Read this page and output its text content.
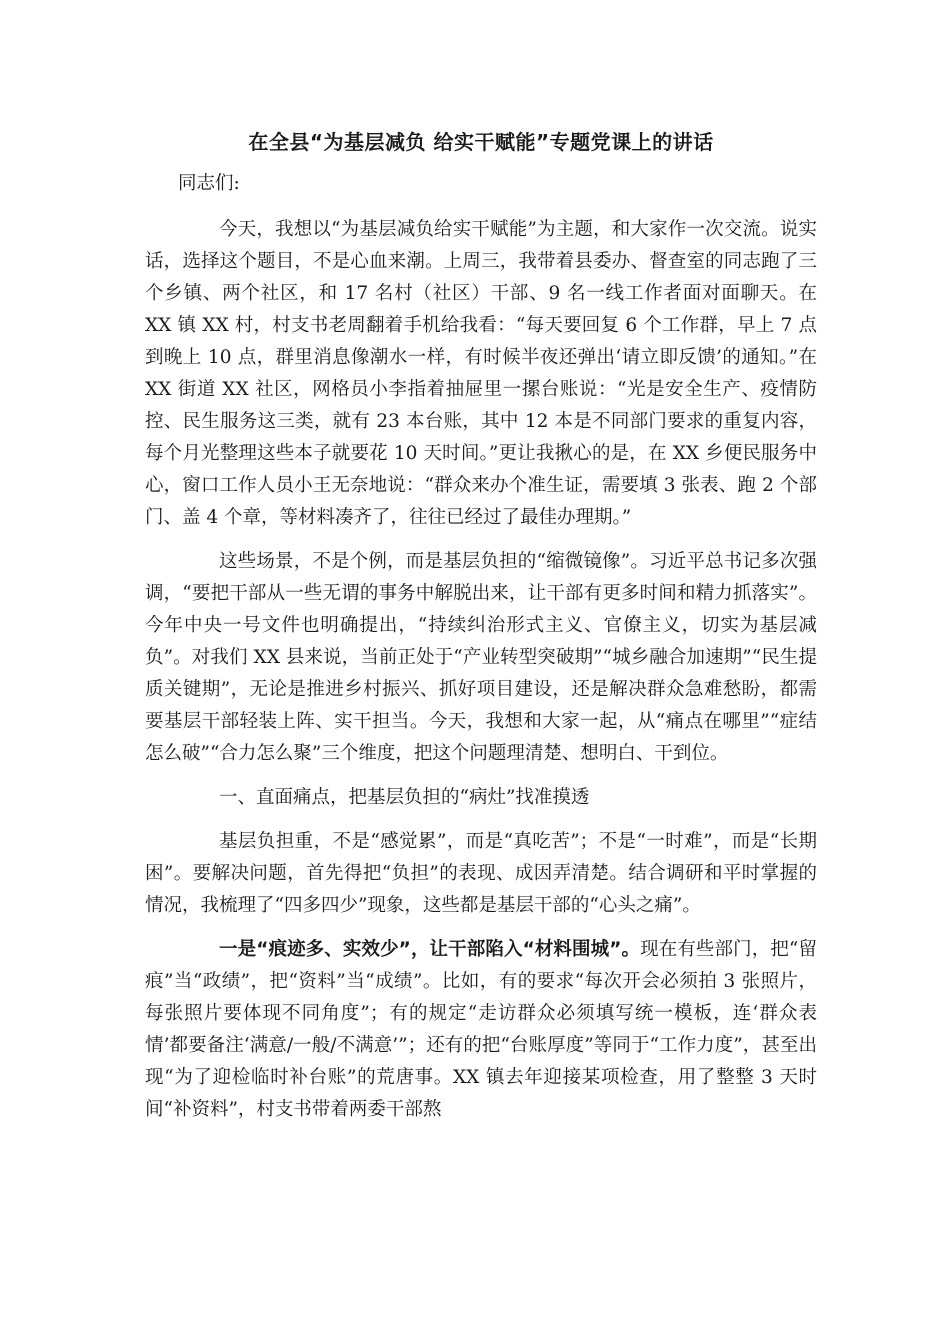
在全县“为基层减负 给实干赋能”专题党课上的讲话
同志们:

今天，我想以“为基层减负给实干赋能”为主题，和大家作一次交流。说实话，选择这个题目，不是心血来潮。上周三，我带着县委办、督查室的同志跑了三个乡镇、两个社区，和 17 名村（社区）干部、9 名一线工作者面对面聊天。在 XX 镇 XX 村，村支书老周翻着手机给我看：“每天要回复 6 个工作群，早上 7 点到晚上 10 点，群里消息像潮水一样，有时候半夜还弹出‘请立即反馈’的通知。”在 XX 街道 XX 社区，网格员小李指着抽屉里一摞台账说：“光是安全生产、疫情防控、民生服务这三类，就有 23 本台账，其中 12 本是不同部门要求的重复内容，每个月光整理这些本子就要花 10 天时间。”更让我揪心的是，在 XX 乡便民服务中心，窗口工作人员小王无奈地说：“群众来办个准生证，需要填 3 张表、跑 2 个部门、盖 4 个章，等材料凑齐了，往往已经过了最佳办理期。”

这些场景，不是个例，而是基层负担的“缩微镜像”。习近平总书记多次强调，“要把干部从一些无谓的事务中解脱出来，让干部有更多时间和精力抓落实”。今年中央一号文件也明确提出，“持续纠治形式主义、官僚主义，切实为基层减负”。对我们 XX 县来说，当前正处于“产业转型突破期”“城乡融合加速期”“民生提质关键期”，无论是推进乡村振兴、抓好项目建设，还是解决群众急难愁盼，都需要基层干部轻装上阵、实干担当。今天，我想和大家一起，从“痛点在哪里”“症结怎么破”“合力怎么聚”三个维度，把这个问题理清楚、想明白、干到位。

一、直面痛点，把基层负担的“病灶”找准摸透

基层负担重，不是“感觉累”，而是“真吃苦”；不是“一时难”，而是“长期困”。要解决问题，首先得把“负担”的表现、成因弄清楚。结合调研和平时掌握的情况，我梳理了“四多四少”现象，这些都是基层干部的“心头之痛”。

一是“痕迹多、实效少”，让干部陷入“材料围城”。现在有些部门，把“留痕”当“政绩”，把“资料”当“成绩”。比如，有的要求“每次开会必须拍 3 张照片，每张照片要体现不同角度”；有的规定“走访群众必须填写统一模板，连‘群众表情’都要备注‘满意/一般/不满意’”；还有的把“台账厚度”等同于“工作力度”，甚至出现“为了迎检临时补台账”的荒唐事。XX 镇去年迎接某项检查，用了整整 3 天时间“补资料”，村支书带着两委干部熬
